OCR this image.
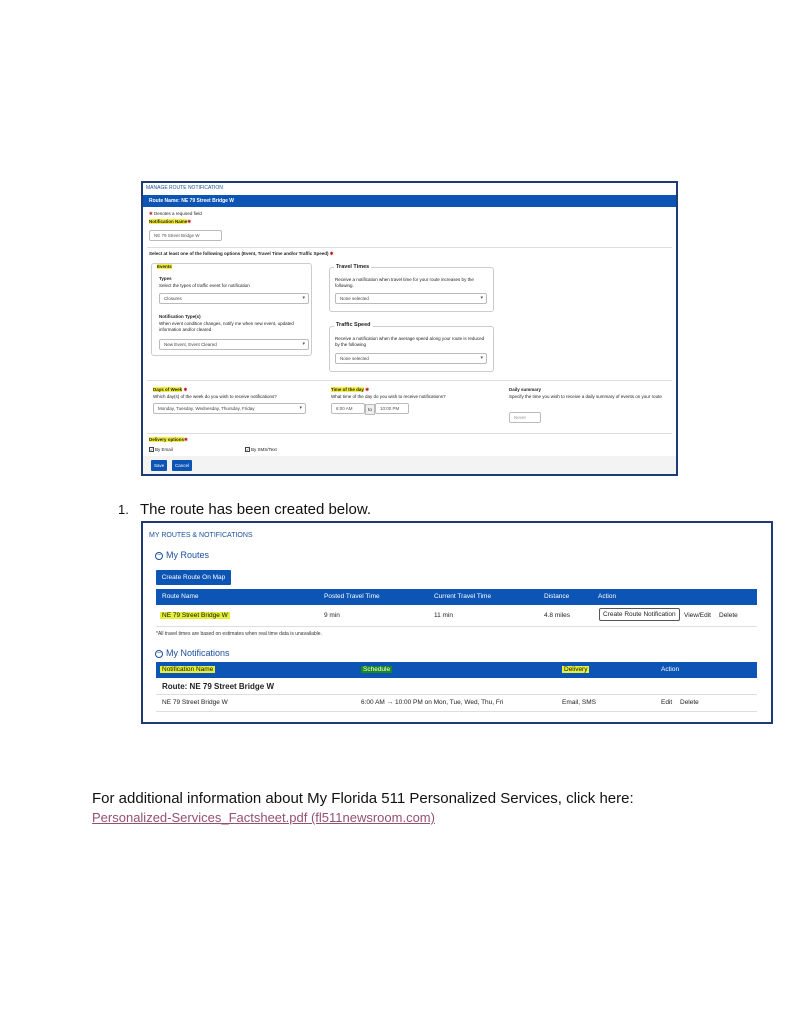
MANAGE ROUTE NOTIFICATION
Route Name: NE 79 Street Bridge W
✱ Denotes a required field
Notification Name✱
NE 79 Street Bridge W
Select at least one of the following options (Event, Travel Time and/or Traffic Speed) ✱
Events
Types
Select the types of traffic event for notification
Closures ▾
Notification Type(s)
When event condition changes, notify me when new event, updated information and/or cleared
New Event, Event Cleared ▾
Travel Times
Receive a notification when travel time for your route increases by the following.
None selected ▾
Traffic Speed
Receive a notification when the average speed along your route is reduced by the following
None selected ▾
Days of Week ✱
Which day(s) of the week do you wish to receive notifications?
Monday, Tuesday, Wednesday, Thursday, Friday ▾
Time of the day ✱
What time of the day do you wish to receive notifications?
6:00 AM	to	10:00 PM
Daily summary
Specify the time you wish to receive a daily summary of events on your route
Never
Delivery options✱
✓ By Email	✓ By SMS/Text
Save	Cancel
1. The route has been created below.
MY ROUTES & NOTIFICATIONS
− My Routes
Create Route On Map
Route Name	Posted Travel Time	Current Travel Time	Distance	Action
NE 79 Street Bridge W	9 min	11 min	4.8 miles	Create Route Notification	View/Edit Delete
*All travel times are based on estimates when real time data is unavailable.
− My Notifications
Notification Name	Schedule	Delivery	Action
Route: NE 79 Street Bridge W
NE 79 Street Bridge W	6:00 AM → 10:00 PM on Mon, Tue, Wed, Thu, Fri	Email, SMS	Edit Delete
For additional information about My Florida 511 Personalized Services, click here:
Personalized-Services_Factsheet.pdf (fl511newsroom.com)
